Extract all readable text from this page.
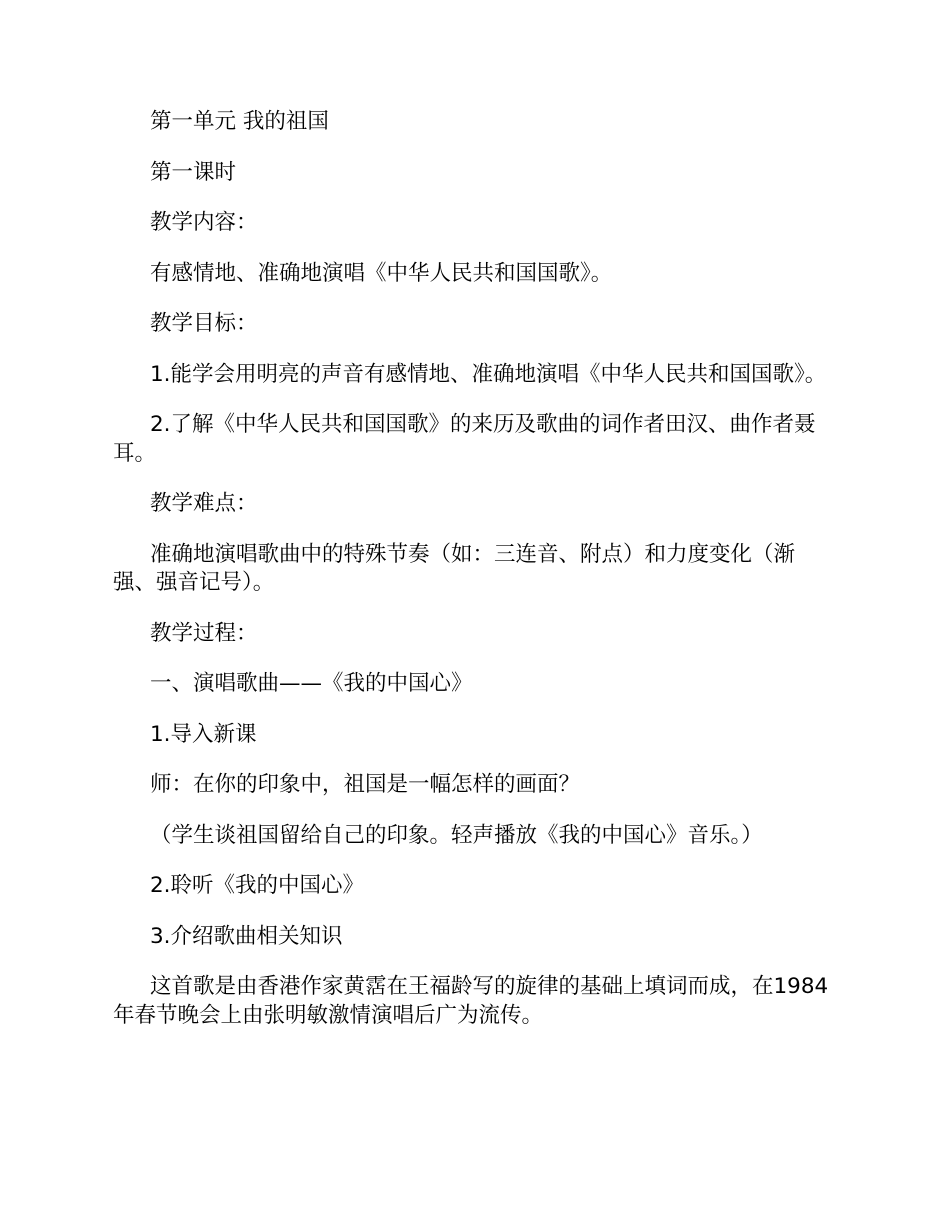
第一单元 我的祖国

第一课时

教学内容：

有感情地、准确地演唱《中华人民共和国国歌》。

教学目标：

1.能学会用明亮的声音有感情地、准确地演唱《中华人民共和国国歌》。

2.了解《中华人民共和国国歌》的来历及歌曲的词作者田汉、曲作者聂耳。

教学难点：

准确地演唱歌曲中的特殊节奏（如：三连音、附点）和力度变化（渐强、强音记号）。

教学过程：

一、演唱歌曲——《我的中国心》

1.导入新课

师：在你的印象中，祖国是一幅怎样的画面？

（学生谈祖国留给自己的印象。轻声播放《我的中国心》音乐。）

2.聆听《我的中国心》

3.介绍歌曲相关知识

这首歌是由香港作家黄霑在王福龄写的旋律的基础上填词而成，在1984年春节晚会上由张明敏激情演唱后广为流传。
